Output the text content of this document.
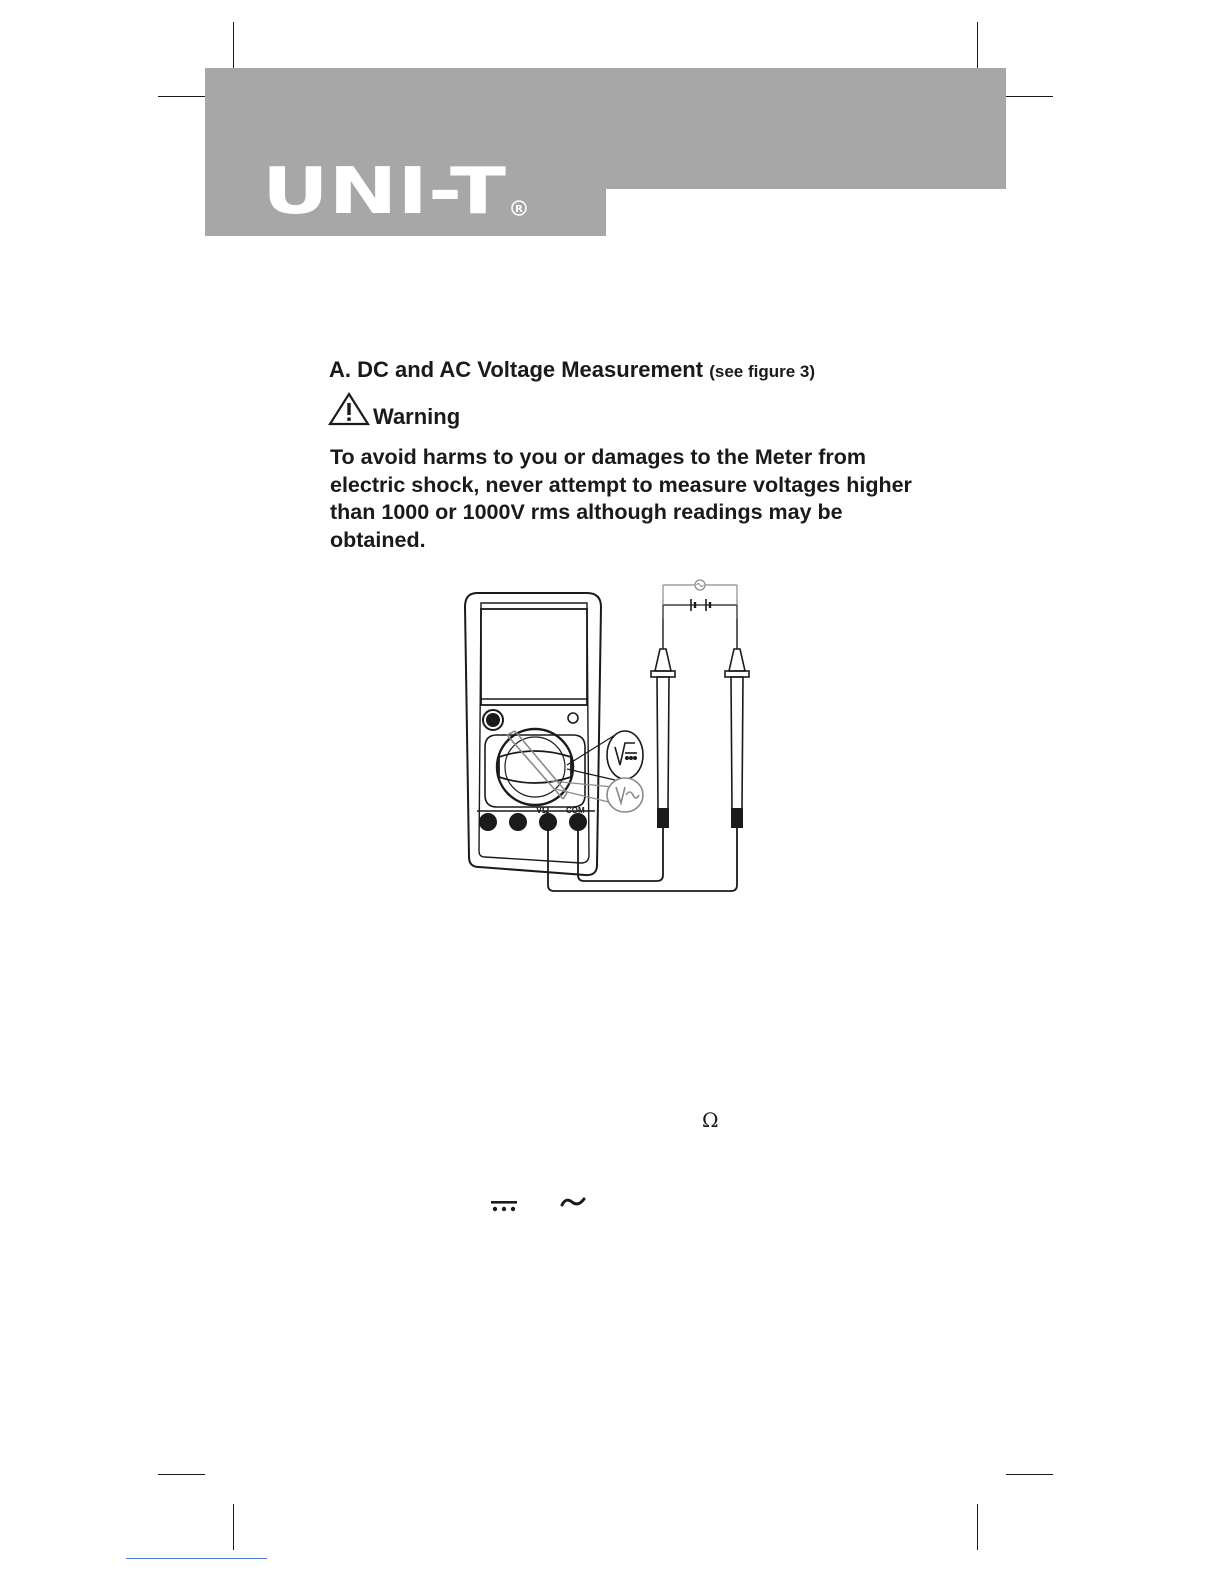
UNI-T R
A. DC and AC Voltage Measurement (see figure 3)
Warning
To avoid harms to you or damages to the Meter from electric shock, never attempt to measure voltages higher than 1000 or 1000V rms although readings may be obtained.
VΩ COM
Ω
